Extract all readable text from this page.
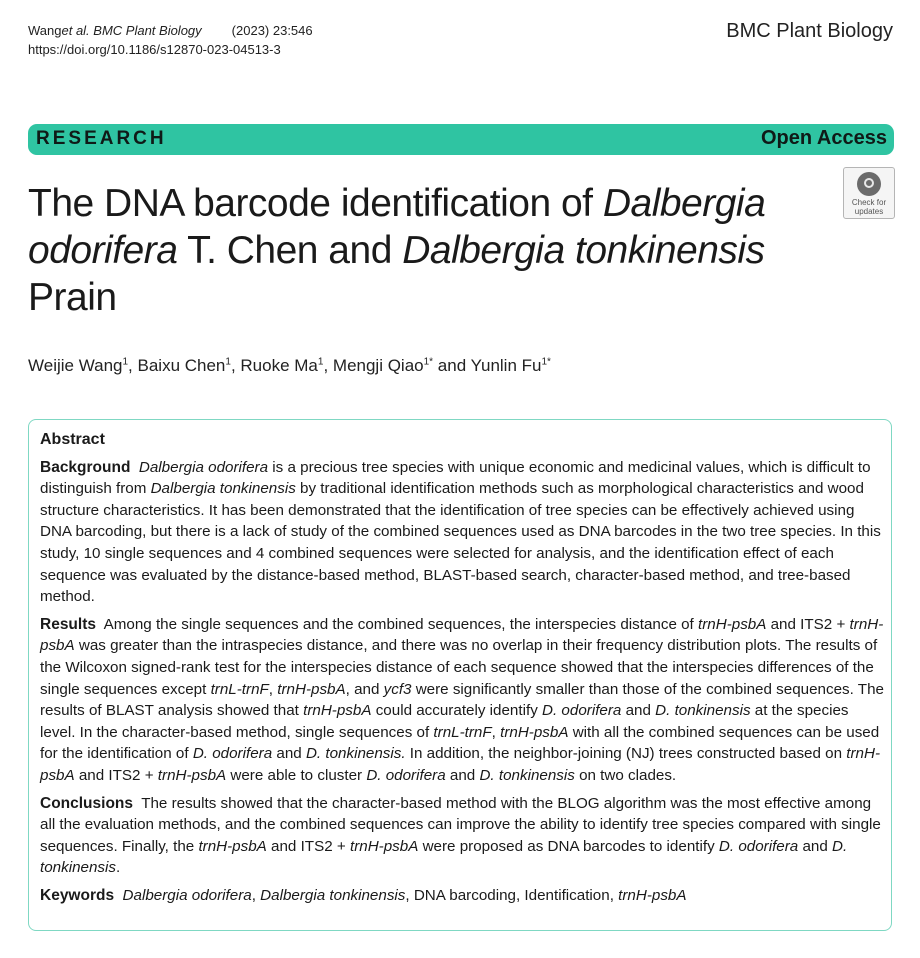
Wanget al. BMC Plant Biology (2023) 23:546
https://doi.org/10.1186/s12870-023-04513-3
BMC Plant Biology
RESEARCH	Open Access
Check for
updates
The DNA barcode identification of Dalbergia odorifera T. Chen and Dalbergia tonkinensis Prain
Weijie Wang$^1$, Baixu Chen$^1$, Ruoke Ma$^1$, Mengji Qiao$^{1*}$ and Yunlin $Fu^{1*}$
Abstract

Background Dalbergia odorifera is a precious tree species with unique economic and medicinal values, which is difficult to distinguish from Dalbergia tonkinensis by traditional identification methods such as morphological characteristics and wood structure characteristics. It has been demonstrated that the identification of tree species can be effectively achieved using DNA barcoding, but there is a lack of study of the combined sequences used as DNA barcodes in the two tree species. In this study, 10 single sequences and 4 combined sequences were selected for analysis, and the identification effect of each sequence was evaluated by the distance-based method, BLAST-based search, character-based method, and tree-based method.

Results Among the single sequences and the combined sequences, the interspecies distance of trnH-psbA and ITS2 + trnH-psbA was greater than the intraspecies distance, and there was no overlap in their frequency distribution plots. The results of the Wilcoxon signed-rank test for the interspecies distance of each sequence showed that the interspecies differences of the single sequences except trnL-trnF, trnH-psbA, and ycf3 were significantly smaller than those of the combined sequences. The results of BLAST analysis showed that trnH-psbA could accurately identify D. odorifera and D. tonkinensis at the species level. In the character-based method, single sequences of trnL-trnF, trnH-psbA with all the combined sequences can be used for the identification of D. odorifera and D. tonkinensis. In addition, the neighbor-joining (NJ) trees constructed based on trnH-psbA and ITS2 + trnH-psbA were able to cluster D. odorifera and D. tonkinensis on two clades.

Conclusions The results showed that the character-based method with the BLOG algorithm was the most effective among all the evaluation methods, and the combined sequences can improve the ability to identify tree species compared with single sequences. Finally, the trnH-psbA and ITS2 + trnH-psbA were proposed as DNA barcodes to identify D. odorifera and D. tonkinensis.

Keywords Dalbergia odorifera, Dalbergia tonkinensis, DNA barcoding, Identification, trnH-psbA
